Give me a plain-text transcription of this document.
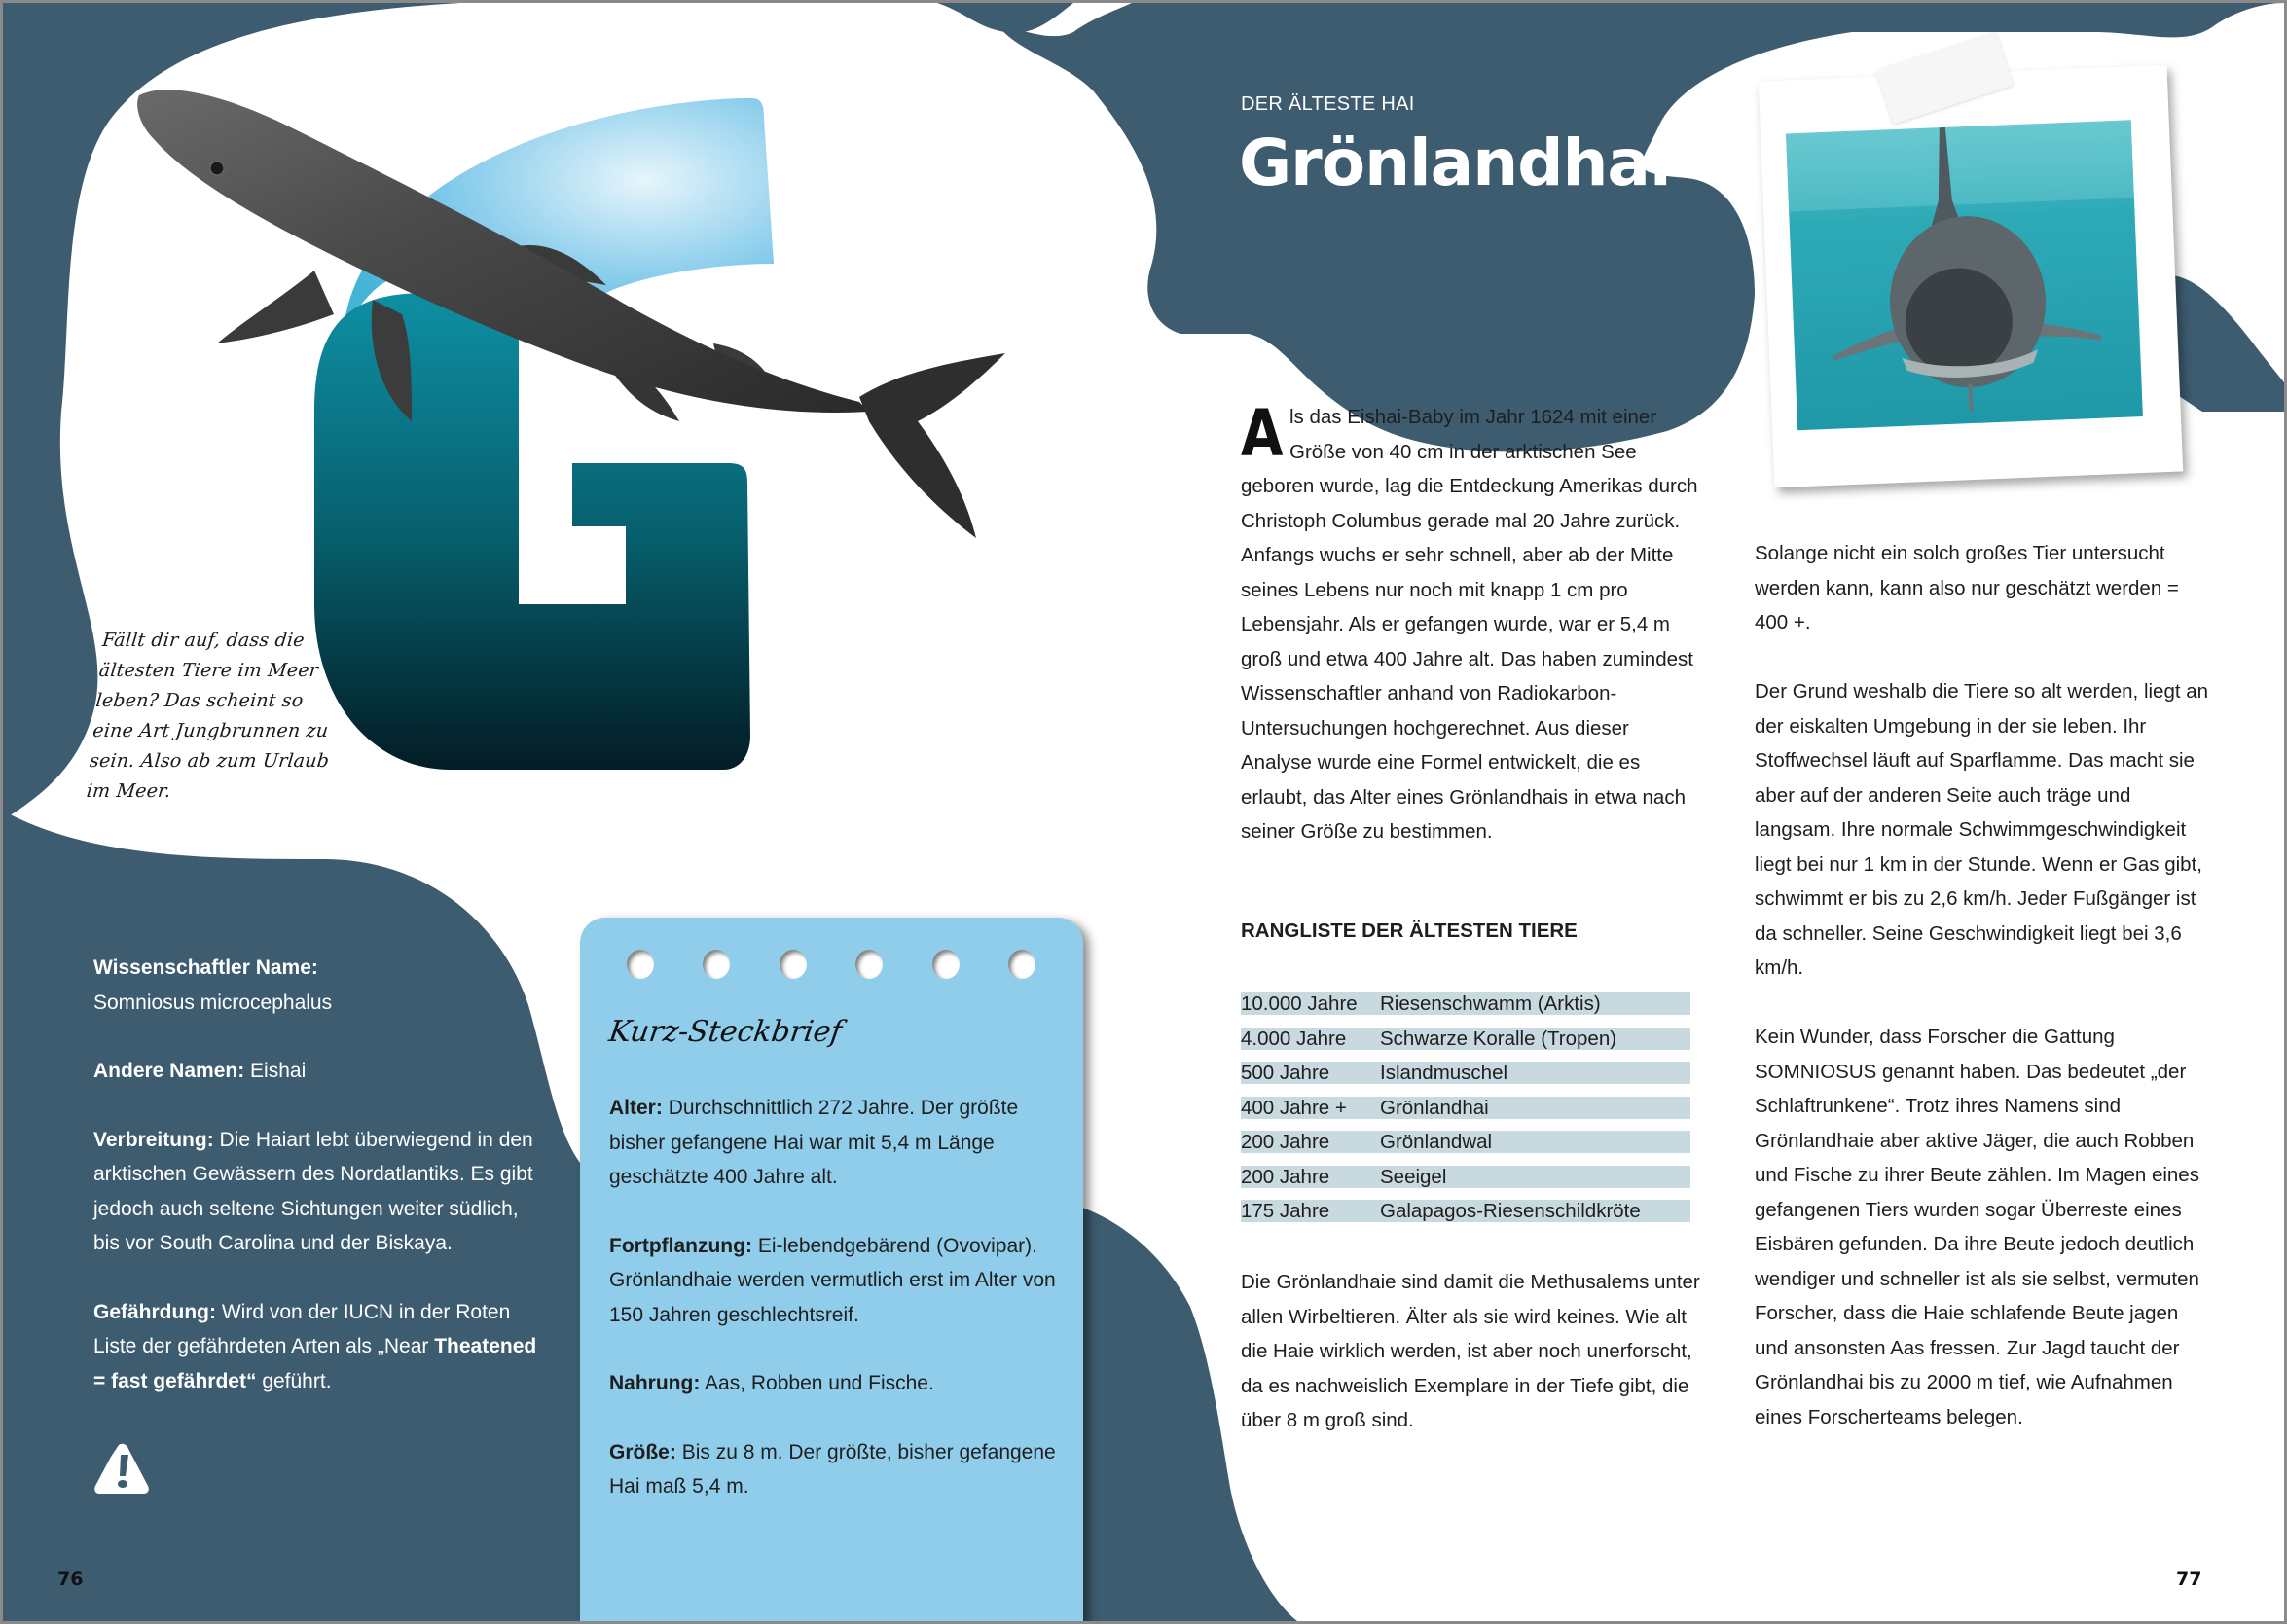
Fällt dir auf, dass die ältesten Tiere im Meer leben? Das scheint so eine Art Jungbrunnen zu sein. Also ab zum Urlaub im Meer.

Wissenschaftler Name:
Somniosus microcephalus

Andere Namen: Eishai

Verbreitung: Die Haiart lebt überwiegend in den arktischen Gewässern des Nordatlantiks. Es gibt jedoch auch seltene Sichtungen weiter südlich, bis vor South Carolina und der Biskaya.

Gefährdung: Wird von der IUCN in der Roten Liste der gefährdeten Arten als „Near Theatened = fast gefährdet“ geführt.

76
Kurz-Steckbrief

Alter: Durchschnittlich 272 Jahre. Der größte bisher gefangene Hai war mit 5,4 m Länge geschätzte 400 Jahre alt.

Fortpflanzung: Ei-lebendgebärend (Ovovipar). Grönlandhaie werden vermutlich erst im Alter von 150 Jahren geschlechtsreif.

Nahrung: Aas, Robben und Fische.

Größe: Bis zu 8 m. Der größte, bisher gefangene Hai maß 5,4 m.

DER ÄLTESTE HAI
Grönlandhai

Als das Eishai-Baby im Jahr 1624 mit einer Größe von 40 cm in der arktischen See geboren wurde, lag die Entdeckung Amerikas durch Christoph Columbus gerade mal 20 Jahre zurück. Anfangs wuchs er sehr schnell, aber ab der Mitte seines Lebens nur noch mit knapp 1 cm pro Lebensjahr. Als er gefangen wurde, war er 5,4 m groß und etwa 400 Jahre alt. Das haben zumindest Wissenschaftler anhand von Radiokarbon-Untersuchungen hochgerechnet. Aus dieser Analyse wurde eine Formel entwickelt, die es erlaubt, das Alter eines Grönlandhais in etwa nach seiner Größe zu bestimmen.

RANGLISTE DER ÄLTESTEN TIERE
10.000 Jahre	Riesenschwamm (Arktis)
4.000 Jahre	Schwarze Koralle (Tropen)
500 Jahre	Islandmuschel
400 Jahre +	Grönlandhai
200 Jahre	Grönlandwal
200 Jahre	Seeigel
175 Jahre	Galapagos-Riesenschildkröte

Die Grönlandhaie sind damit die Methusalems unter allen Wirbeltieren. Älter als sie wird keines. Wie alt die Haie wirklich werden, ist aber noch unerforscht, da es nachweislich Exemplare in der Tiefe gibt, die über 8 m groß sind.

Solange nicht ein solch großes Tier untersucht werden kann, kann also nur geschätzt werden = 400 +.

Der Grund weshalb die Tiere so alt werden, liegt an der eiskalten Umgebung in der sie leben. Ihr Stoffwechsel läuft auf Sparflamme. Das macht sie aber auf der anderen Seite auch träge und langsam. Ihre normale Schwimmgeschwindigkeit liegt bei nur 1 km in der Stunde. Wenn er Gas gibt, schwimmt er bis zu 2,6 km/h. Jeder Fußgänger ist da schneller. Seine Geschwindigkeit liegt bei 3,6 km/h.

Kein Wunder, dass Forscher die Gattung SOMNIOSUS genannt haben. Das bedeutet „der Schlaftrunkene“. Trotz ihres Namens sind Grönlandhaie aber aktive Jäger, die auch Robben und Fische zu ihrer Beute zählen. Im Magen eines gefangenen Tiers wurden sogar Überreste eines Eisbären gefunden. Da ihre Beute jedoch deutlich wendiger und schneller ist als sie selbst, vermuten Forscher, dass die Haie schlafende Beute jagen und ansonsten Aas fressen. Zur Jagd taucht der Grönlandhai bis zu 2000 m tief, wie Aufnahmen eines Forscherteams belegen.

77
